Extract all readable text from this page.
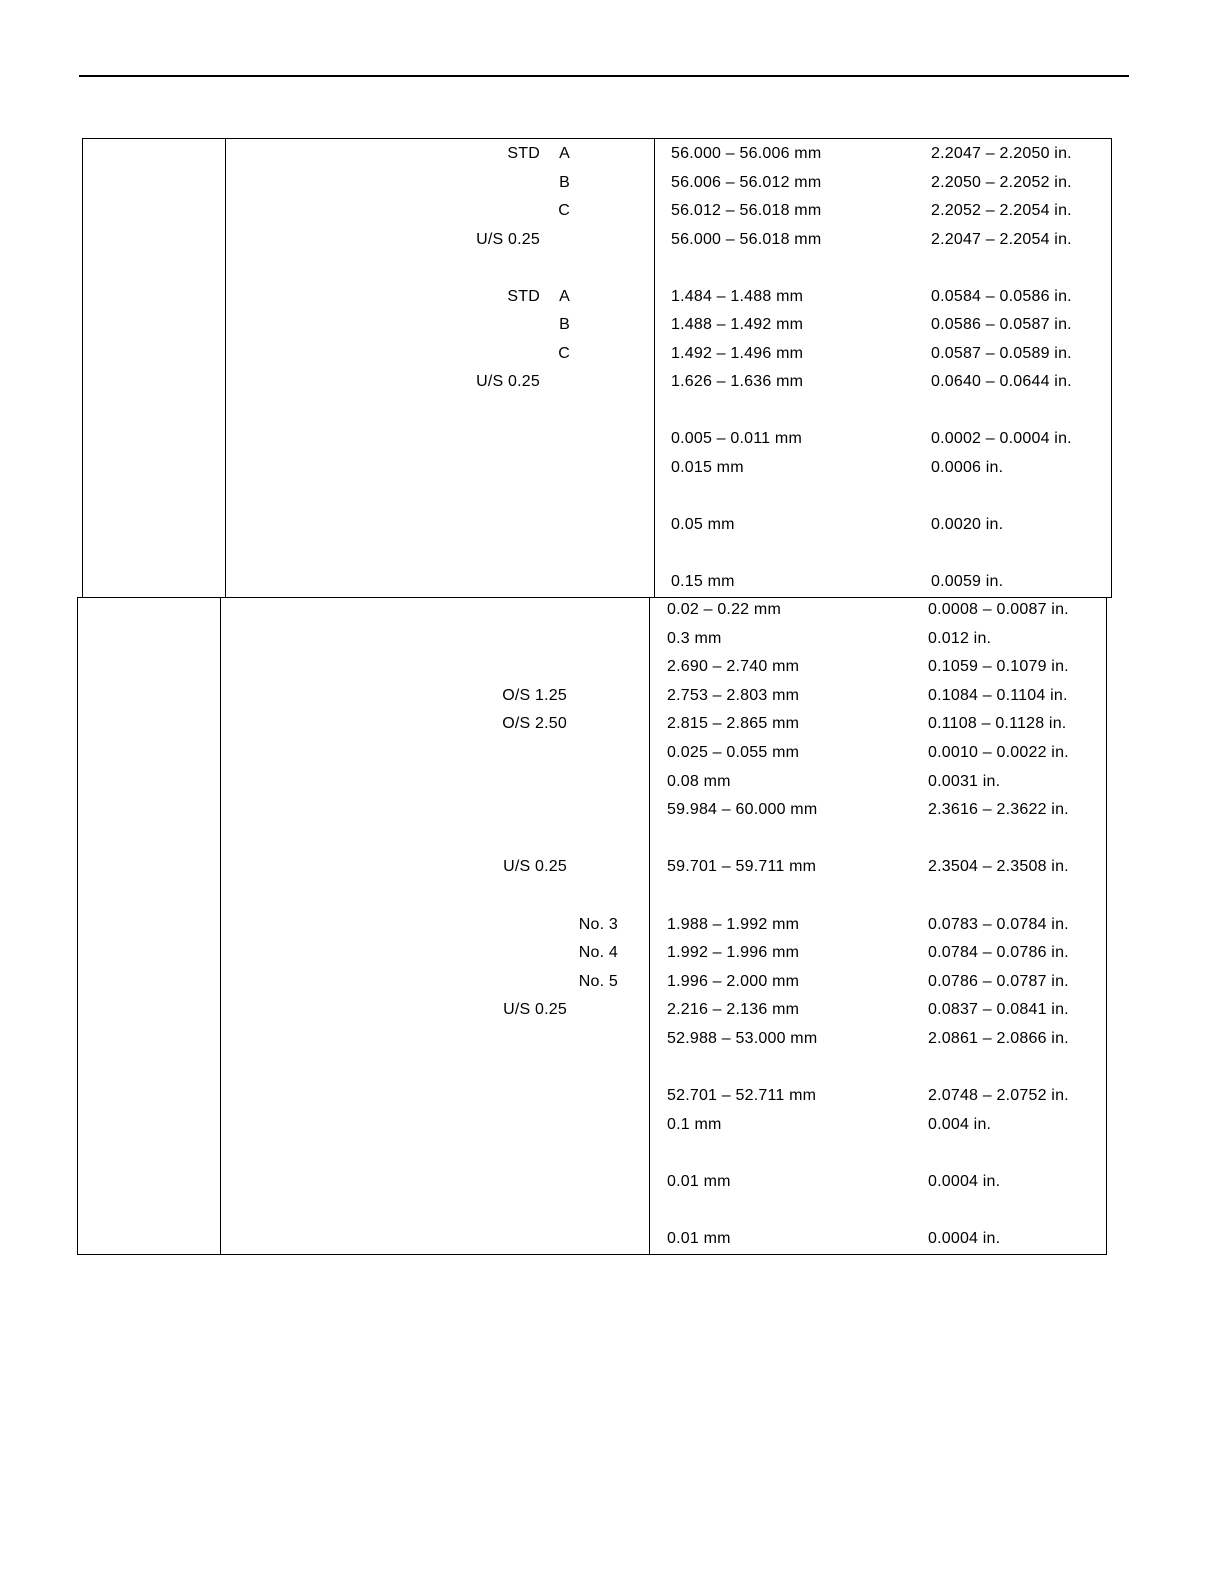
STD A	56.000 – 56.006 mm	2.2047 – 2.2050 in.
B	56.006 – 56.012 mm	2.2050 – 2.2052 in.
C	56.012 – 56.018 mm	2.2052 – 2.2054 in.
U/S 0.25	56.000 – 56.018 mm	2.2047 – 2.2054 in.
STD A	1.484 – 1.488 mm	0.0584 – 0.0586 in.
B	1.488 – 1.492 mm	0.0586 – 0.0587 in.
C	1.492 – 1.496 mm	0.0587 – 0.0589 in.
U/S 0.25	1.626 – 1.636 mm	0.0640 – 0.0644 in.
0.005 – 0.011 mm	0.0002 – 0.0004 in.
0.015 mm	0.0006 in.
0.05 mm	0.0020 in.
0.15 mm	0.0059 in.
0.02 – 0.22 mm	0.0008 – 0.0087 in.
0.3 mm	0.012 in.
2.690 – 2.740 mm	0.1059 – 0.1079 in.
O/S 1.25	2.753 – 2.803 mm	0.1084 – 0.1104 in.
O/S 2.50	2.815 – 2.865 mm	0.1108 – 0.1128 in.
0.025 – 0.055 mm	0.0010 – 0.0022 in.
0.08 mm	0.0031 in.
59.984 – 60.000 mm	2.3616 – 2.3622 in.
U/S 0.25	59.701 – 59.711 mm	2.3504 – 2.3508 in.
No. 3	1.988 – 1.992 mm	0.0783 – 0.0784 in.
No. 4	1.992 – 1.996 mm	0.0784 – 0.0786 in.
No. 5	1.996 – 2.000 mm	0.0786 – 0.0787 in.
U/S 0.25	2.216 – 2.136 mm	0.0837 – 0.0841 in.
52.988 – 53.000 mm	2.0861 – 2.0866 in.
52.701 – 52.711 mm	2.0748 – 2.0752 in.
0.1 mm	0.004 in.
0.01 mm	0.0004 in.
0.01 mm	0.0004 in.
